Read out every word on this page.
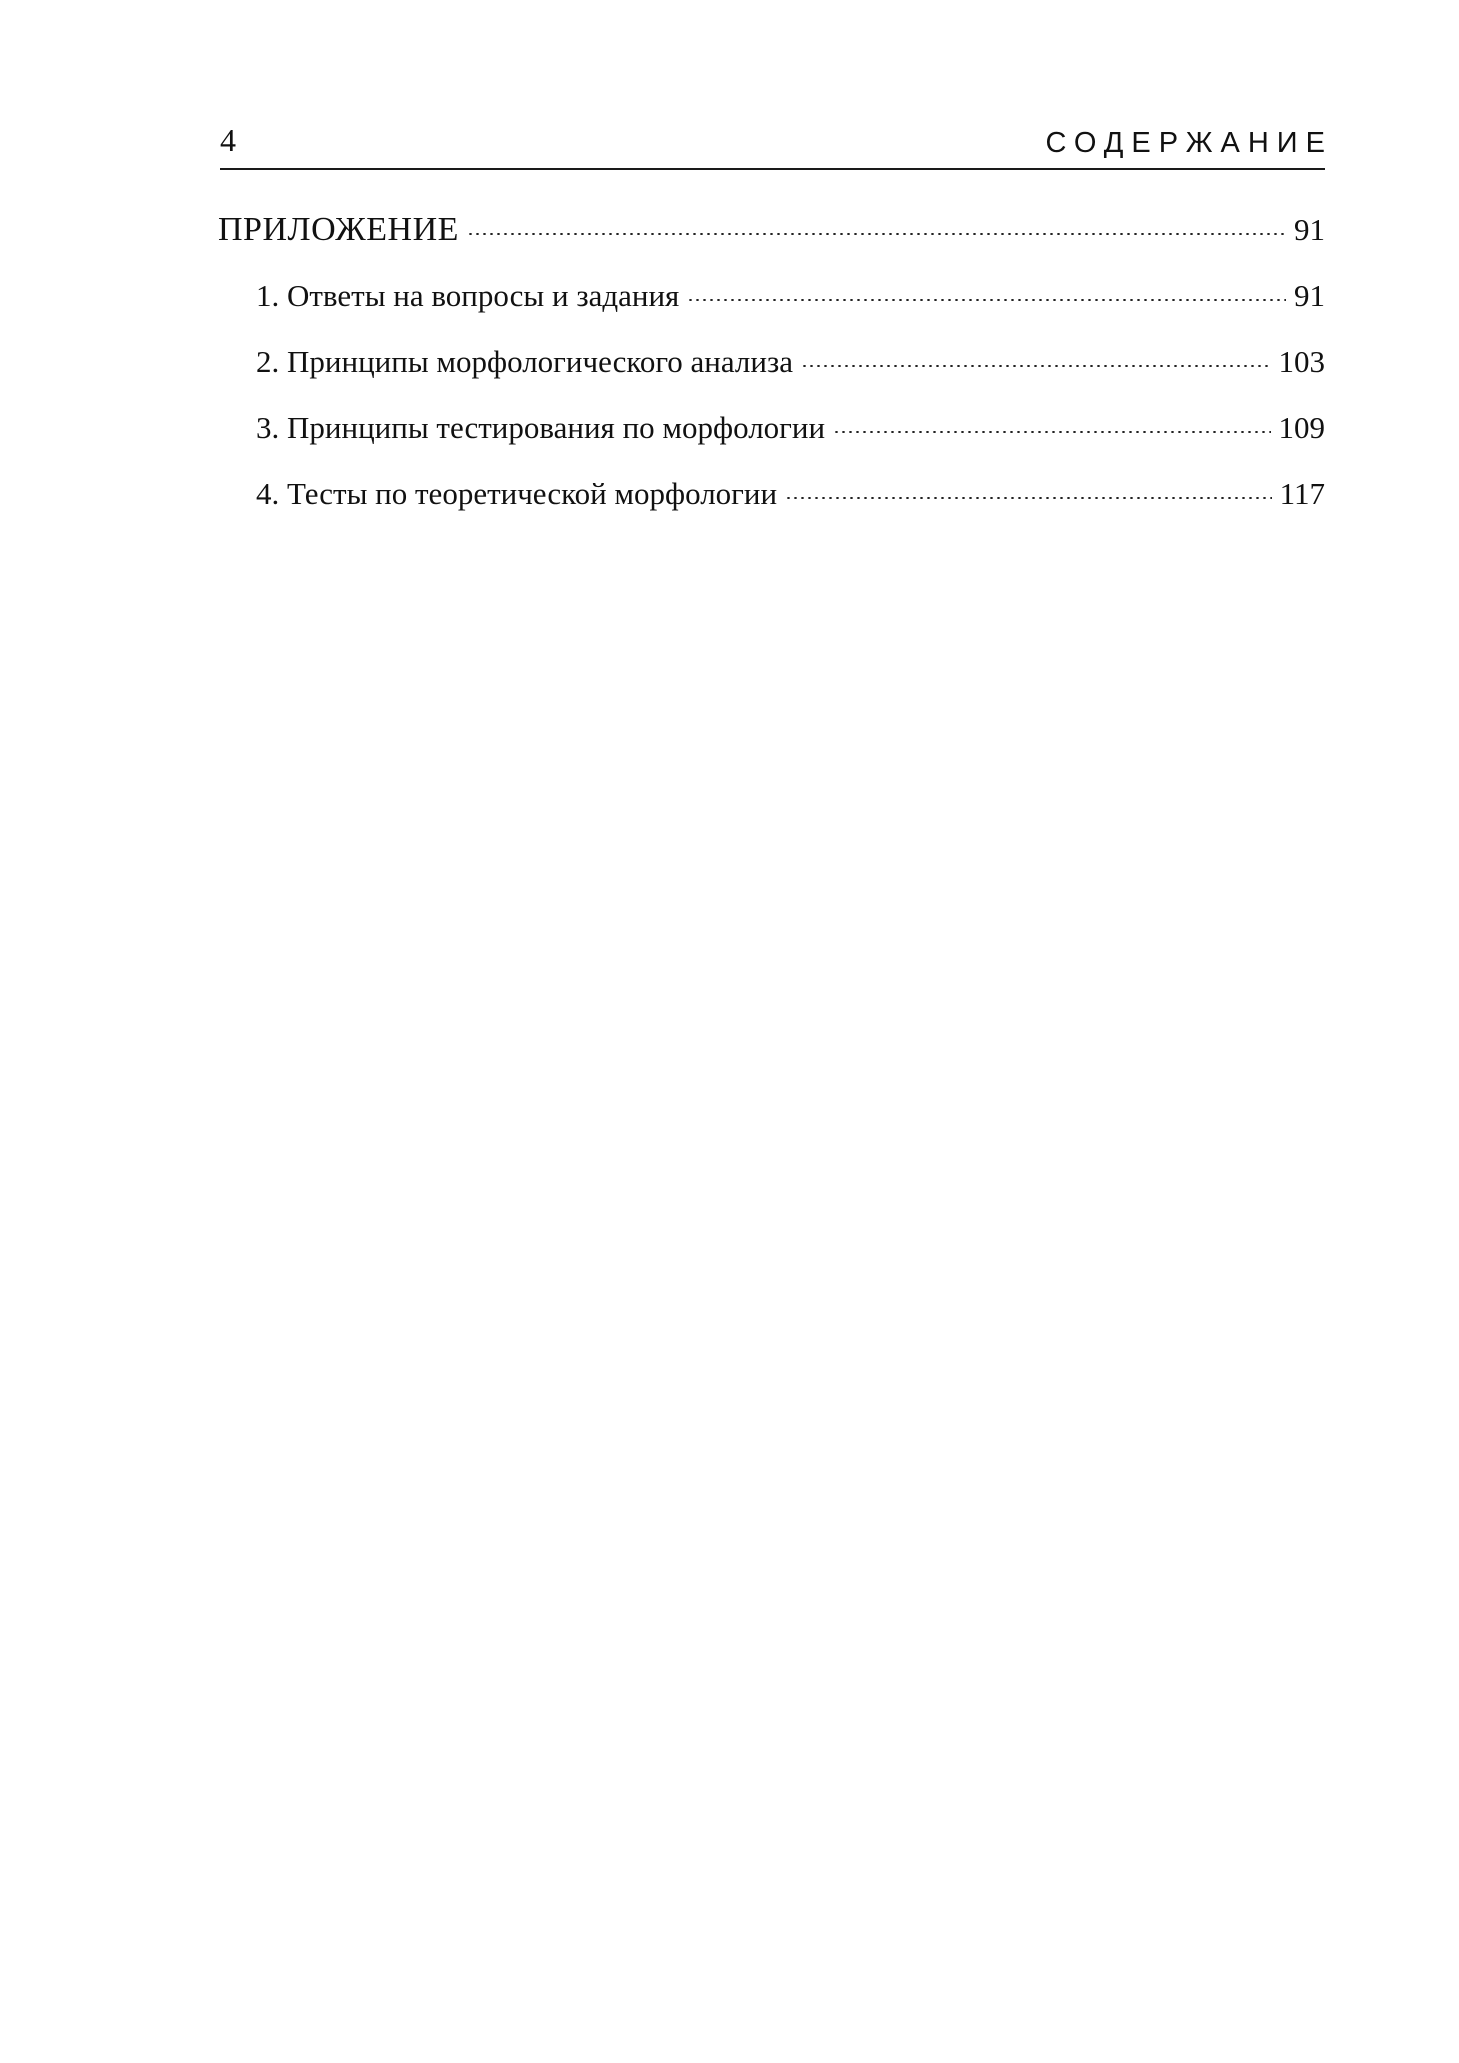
4	СОДЕРЖАНИЕ
ПРИЛОЖЕНИЕ	91
1. Ответы на вопросы и задания	91
2. Принципы морфологического анализа	103
3. Принципы тестирования по морфологии	109
4. Тесты по теоретической морфологии	117
